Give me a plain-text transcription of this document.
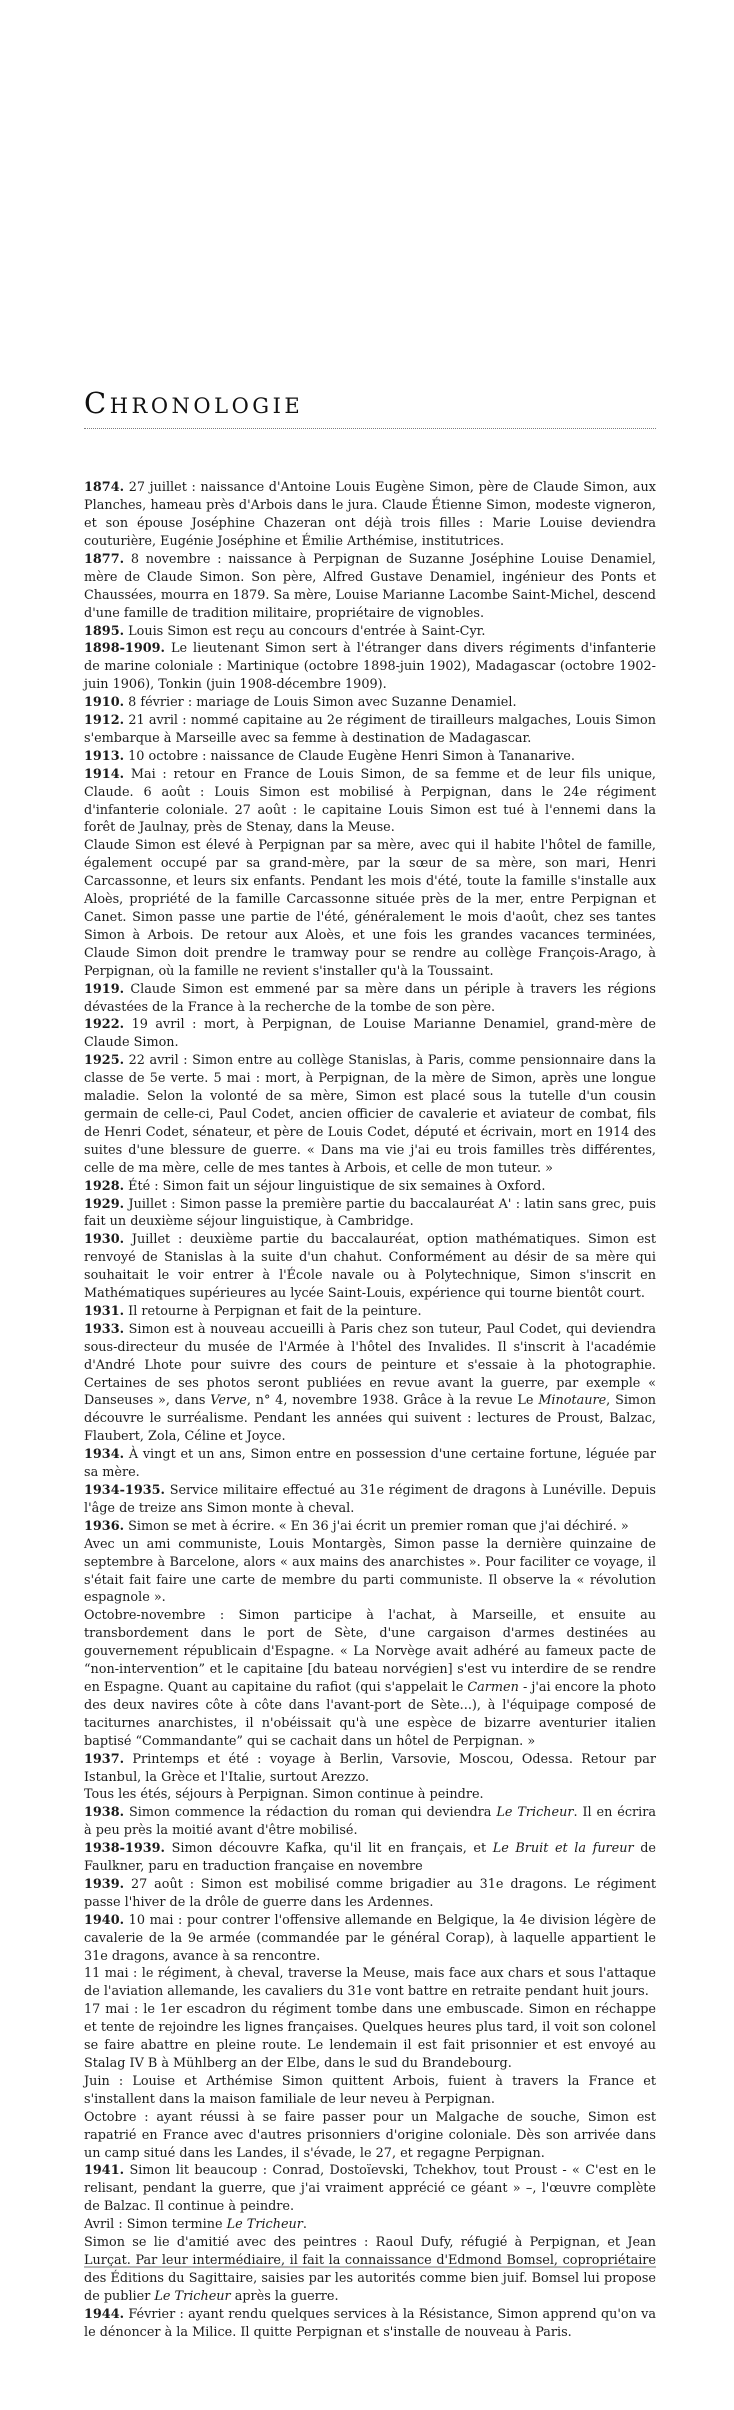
CHRONOLOGIE

1874. 27 juillet : naissance d'Antoine Louis Eugène Simon, père de Claude Simon, aux Planches, hameau près d'Arbois dans le jura. Claude Étienne Simon, modeste vigneron, et son épouse Joséphine Chazeran ont déjà trois filles : Marie Louise deviendra couturière, Eugénie Joséphine et Émilie Arthémise, institutrices.

1877. 8 novembre : naissance à Perpignan de Suzanne Joséphine Louise Denamiel, mère de Claude Simon. Son père, Alfred Gustave Denamiel, ingénieur des Ponts et Chaussées, mourra en 1879. Sa mère, Louise Marianne Lacombe Saint-Michel, descend d'une famille de tradition militaire, propriétaire de vignobles.

1895. Louis Simon est reçu au concours d'entrée à Saint-Cyr.

1898-1909. Le lieutenant Simon sert à l'étranger dans divers régiments d'infanterie de marine coloniale : Martinique (octobre 1898-juin 1902), Madagascar (octobre 1902-juin 1906), Tonkin (juin 1908-décembre 1909).

1910. 8 février : mariage de Louis Simon avec Suzanne Denamiel.

1912. 21 avril : nommé capitaine au 2e régiment de tirailleurs malgaches, Louis Simon s'embarque à Marseille avec sa femme à destination de Madagascar.

1913. 10 octobre : naissance de Claude Eugène Henri Simon à Tananarive.

1914. Mai : retour en France de Louis Simon, de sa femme et de leur fils unique, Claude. 6 août : Louis Simon est mobilisé à Perpignan, dans le 24e régiment d'infanterie coloniale. 27 août : le capitaine Louis Simon est tué à l'ennemi dans la forêt de Jaulnay, près de Stenay, dans la Meuse.

Claude Simon est élevé à Perpignan par sa mère, avec qui il habite l'hôtel de famille, également occupé par sa grand-mère, par la sœur de sa mère, son mari, Henri Carcassonne, et leurs six enfants. Pendant les mois d'été, toute la famille s'installe aux Aloès, propriété de la famille Carcassonne située près de la mer, entre Perpignan et Canet. Simon passe une partie de l'été, généralement le mois d'août, chez ses tantes Simon à Arbois. De retour aux Aloès, et une fois les grandes vacances terminées, Claude Simon doit prendre le tramway pour se rendre au collège François-Arago, à Perpignan, où la famille ne revient s'installer qu'à la Toussaint.

1919. Claude Simon est emmené par sa mère dans un périple à travers les régions dévastées de la France à la recherche de la tombe de son père.

1922. 19 avril : mort, à Perpignan, de Louise Marianne Denamiel, grand-mère de Claude Simon.

1925. 22 avril : Simon entre au collège Stanislas, à Paris, comme pensionnaire dans la classe de 5e verte. 5 mai : mort, à Perpignan, de la mère de Simon, après une longue maladie. Selon la volonté de sa mère, Simon est placé sous la tutelle d'un cousin germain de celle-ci, Paul Codet, ancien officier de cavalerie et aviateur de combat, fils de Henri Codet, sénateur, et père de Louis Codet, député et écrivain, mort en 1914 des suites d'une blessure de guerre. « Dans ma vie j'ai eu trois familles très différentes, celle de ma mère, celle de mes tantes à Arbois, et celle de mon tuteur. »

1928. Été : Simon fait un séjour linguistique de six semaines à Oxford.

1929. Juillet : Simon passe la première partie du baccalauréat A' : latin sans grec, puis fait un deuxième séjour linguistique, à Cambridge.

1930. Juillet : deuxième partie du baccalauréat, option mathématiques. Simon est renvoyé de Stanislas à la suite d'un chahut. Conformément au désir de sa mère qui souhaitait le voir entrer à l'École navale ou à Polytechnique, Simon s'inscrit en Mathématiques supérieures au lycée Saint-Louis, expérience qui tourne bientôt court.

1931. Il retourne à Perpignan et fait de la peinture.

1933. Simon est à nouveau accueilli à Paris chez son tuteur, Paul Codet, qui deviendra sous-directeur du musée de l'Armée à l'hôtel des Invalides. Il s'inscrit à l'académie d'André Lhote pour suivre des cours de peinture et s'essaie à la photographie. Certaines de ses photos seront publiées en revue avant la guerre, par exemple « Danseuses », dans Verve, n° 4, novembre 1938. Grâce à la revue Le Minotaure, Simon découvre le surréalisme. Pendant les années qui suivent : lectures de Proust, Balzac, Flaubert, Zola, Céline et Joyce.

1934. À vingt et un ans, Simon entre en possession d'une certaine fortune, léguée par sa mère.

1934-1935. Service militaire effectué au 31e régiment de dragons à Lunéville. Depuis l'âge de treize ans Simon monte à cheval.

1936. Simon se met à écrire. « En 36 j'ai écrit un premier roman que j'ai déchiré. »

Avec un ami communiste, Louis Montargès, Simon passe la dernière quinzaine de septembre à Barcelone, alors « aux mains des anarchistes ». Pour faciliter ce voyage, il s'était fait faire une carte de membre du parti communiste. Il observe la « révolution espagnole ».

Octobre-novembre : Simon participe à l'achat, à Marseille, et ensuite au transbordement dans le port de Sète, d'une cargaison d'armes destinées au gouvernement républicain d'Espagne. « La Norvège avait adhéré au fameux pacte de “non-intervention” et le capitaine [du bateau norvégien] s'est vu interdire de se rendre en Espagne. Quant au capitaine du rafiot (qui s'appelait le Carmen - j'ai encore la photo des deux navires côte à côte dans l'avant-port de Sète...), à l'équipage composé de taciturnes anarchistes, il n'obéissait qu'à une espèce de bizarre aventurier italien baptisé “Commandante” qui se cachait dans un hôtel de Perpignan. »

1937. Printemps et été : voyage à Berlin, Varsovie, Moscou, Odessa. Retour par Istanbul, la Grèce et l'Italie, surtout Arezzo.

Tous les étés, séjours à Perpignan. Simon continue à peindre.

1938. Simon commence la rédaction du roman qui deviendra Le Tricheur. Il en écrira à peu près la moitié avant d'être mobilisé.

1938-1939. Simon découvre Kafka, qu'il lit en français, et Le Bruit et la fureur de Faulkner, paru en traduction française en novembre

1939. 27 août : Simon est mobilisé comme brigadier au 31e dragons. Le régiment passe l'hiver de la drôle de guerre dans les Ardennes.

1940. 10 mai : pour contrer l'offensive allemande en Belgique, la 4e division légère de cavalerie de la 9e armée (commandée par le général Corap), à laquelle appartient le 31e dragons, avance à sa rencontre.

11 mai : le régiment, à cheval, traverse la Meuse, mais face aux chars et sous l'attaque de l'aviation allemande, les cavaliers du 31e vont battre en retraite pendant huit jours.

17 mai : le 1er escadron du régiment tombe dans une embuscade. Simon en réchappe et tente de rejoindre les lignes françaises. Quelques heures plus tard, il voit son colonel se faire abattre en pleine route. Le lendemain il est fait prisonnier et est envoyé au Stalag IV B à Mühlberg an der Elbe, dans le sud du Brandebourg.

Juin : Louise et Arthémise Simon quittent Arbois, fuient à travers la France et s'installent dans la maison familiale de leur neveu à Perpignan.

Octobre : ayant réussi à se faire passer pour un Malgache de souche, Simon est rapatrié en France avec d'autres prisonniers d'origine coloniale. Dès son arrivée dans un camp situé dans les Landes, il s'évade, le 27, et regagne Perpignan.

1941. Simon lit beaucoup : Conrad, Dostoïevski, Tchekhov, tout Proust - « C'est en le relisant, pendant la guerre, que j'ai vraiment apprécié ce géant » –, l'œuvre complète de Balzac. Il continue à peindre.

Avril : Simon termine Le Tricheur.

Simon se lie d'amitié avec des peintres : Raoul Dufy, réfugié à Perpignan, et Jean Lurçat. Par leur intermédiaire, il fait la connaissance d'Edmond Bomsel, copropriétaire des Éditions du Sagittaire, saisies par les autorités comme bien juif. Bomsel lui propose de publier Le Tricheur après la guerre.

1944. Février : ayant rendu quelques services à la Résistance, Simon apprend qu'on va le dénoncer à la Milice. Il quitte Perpignan et s'installe de nouveau à Paris.
